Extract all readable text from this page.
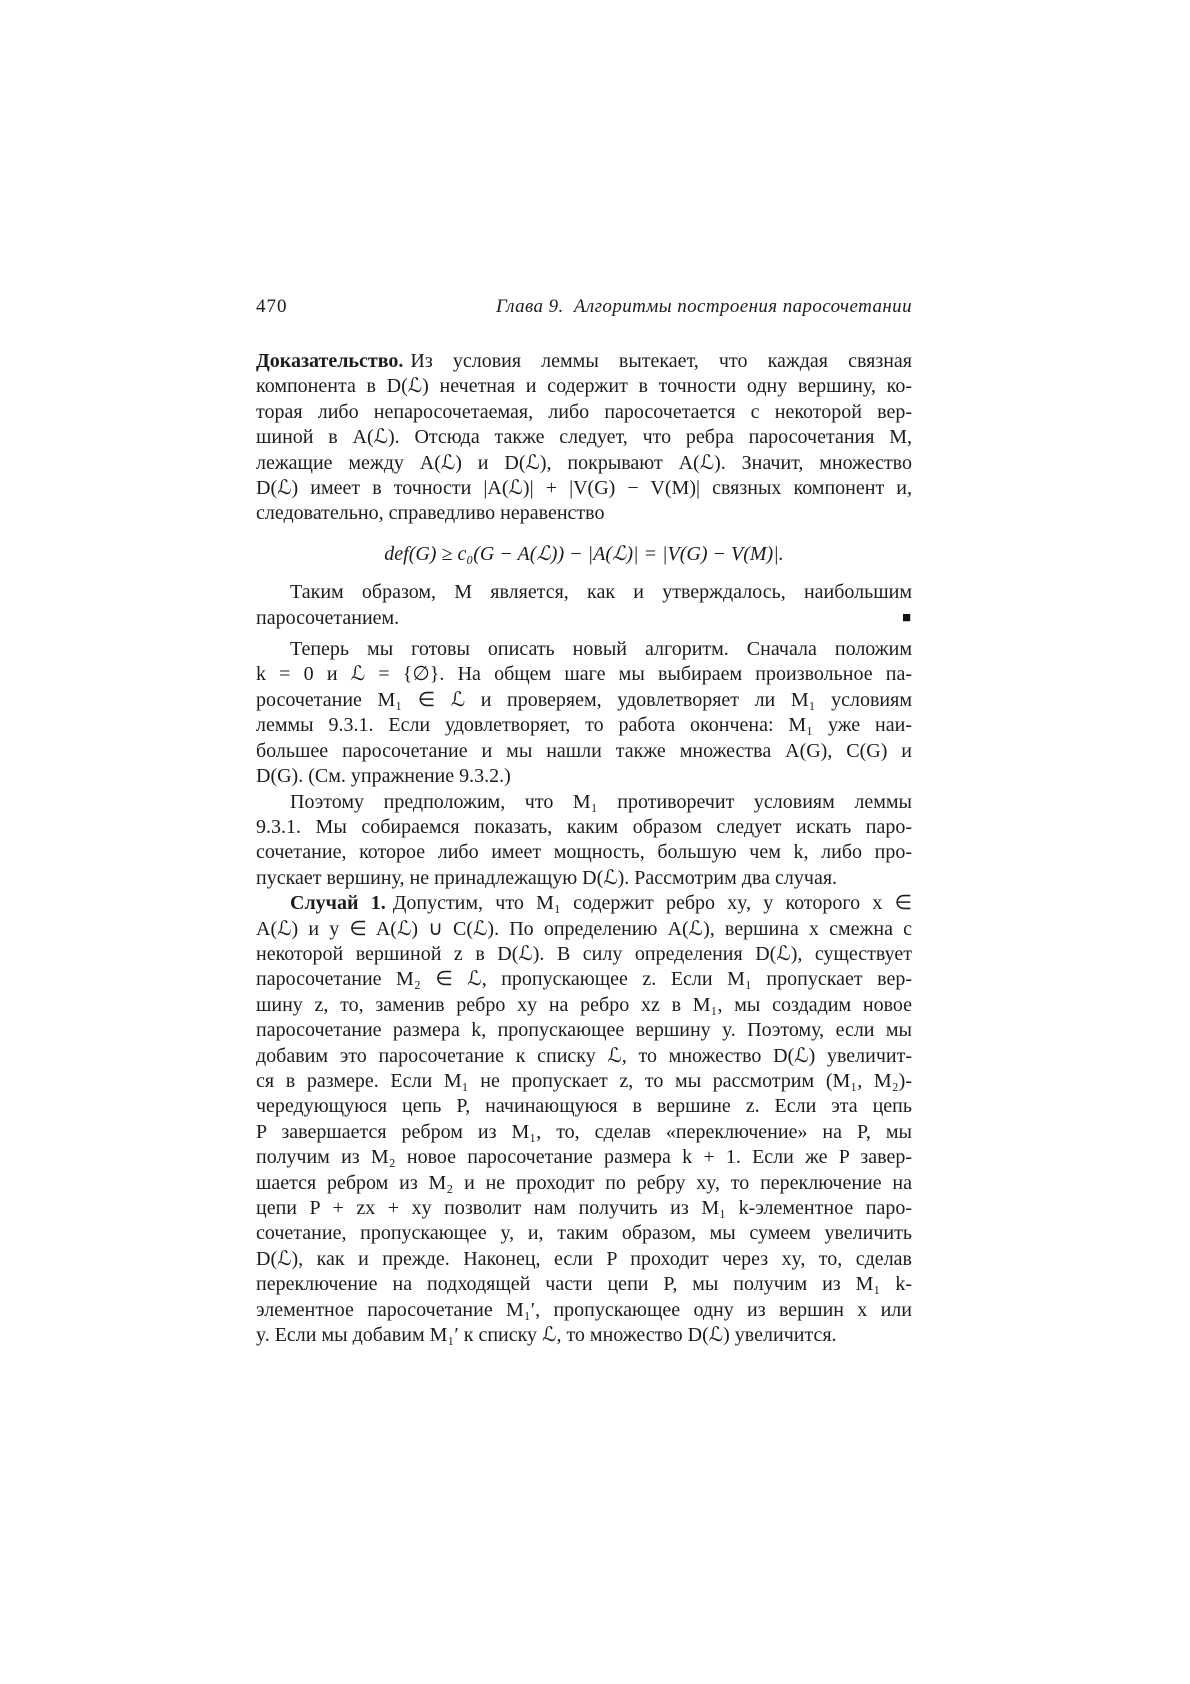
470	Глава 9.  Алгоритмы построения паросочетании
Доказательство. Из условия леммы вытекает, что каждая связная
компонента в D(ℒ) нечетная и содержит в точности одну вершину, ко-
торая либо непаросочетаемая, либо паросочетается с некоторой вер-
шиной в A(ℒ). Отсюда также следует, что ребра паросочетания M,
лежащие между A(ℒ) и D(ℒ), покрывают A(ℒ). Значит, множество
D(ℒ) имеет в точности |A(ℒ)| + |V(G) − V(M)| связных компонент и,
следовательно, справедливо неравенство
def(G) ≥ c₀(G − A(ℒ)) − |A(ℒ)| = |V(G) − V(M)|.
Таким образом, M является, как и утверждалось, наибольшим
паросочетанием.	■
Теперь мы готовы описать новый алгоритм. Сначала положим
k = 0 и ℒ = {∅}. На общем шаге мы выбираем произвольное па-
росочетание M₁ ∈ ℒ и проверяем, удовлетворяет ли M₁ условиям
леммы 9.3.1. Если удовлетворяет, то работа окончена: M₁ уже наи-
большее паросочетание и мы нашли также множества A(G), C(G) и
D(G). (См. упражнение 9.3.2.)
Поэтому предположим, что M₁ противоречит условиям леммы
9.3.1. Мы собираемся показать, каким образом следует искать паро-
сочетание, которое либо имеет мощность, большую чем k, либо про-
пускает вершину, не принадлежащую D(ℒ). Рассмотрим два случая.
Случай 1. Допустим, что M₁ содержит ребро xy, у которого x ∈
A(ℒ) и y ∈ A(ℒ) ∪ C(ℒ). По определению A(ℒ), вершина x смежна с
некоторой вершиной z в D(ℒ). В силу определения D(ℒ), существует
паросочетание M₂ ∈ ℒ, пропускающее z. Если M₁ пропускает вер-
шину z, то, заменив ребро xy на ребро xz в M₁, мы создадим новое
паросочетание размера k, пропускающее вершину y. Поэтому, если мы
добавим это паросочетание к списку ℒ, то множество D(ℒ) увеличит-
ся в размере. Если M₁ не пропускает z, то мы рассмотрим (M₁, M₂)-
чередующуюся цепь P, начинающуюся в вершине z. Если эта цепь
P завершается ребром из M₁, то, сделав «переключение» на P, мы
получим из M₂ новое паросочетание размера k + 1. Если же P завер-
шается ребром из M₂ и не проходит по ребру xy, то переключение на
цепи P + zx + xy позволит нам получить из M₁ k-элементное паро-
сочетание, пропускающее y, и, таким образом, мы сумеем увеличить
D(ℒ), как и прежде. Наконец, если P проходит через xy, то, сделав
переключение на подходящей части цепи P, мы получим из M₁ k-
элементное паросочетание M₁′, пропускающее одну из вершин x или
y. Если мы добавим M₁′ к списку ℒ, то множество D(ℒ) увеличится.
